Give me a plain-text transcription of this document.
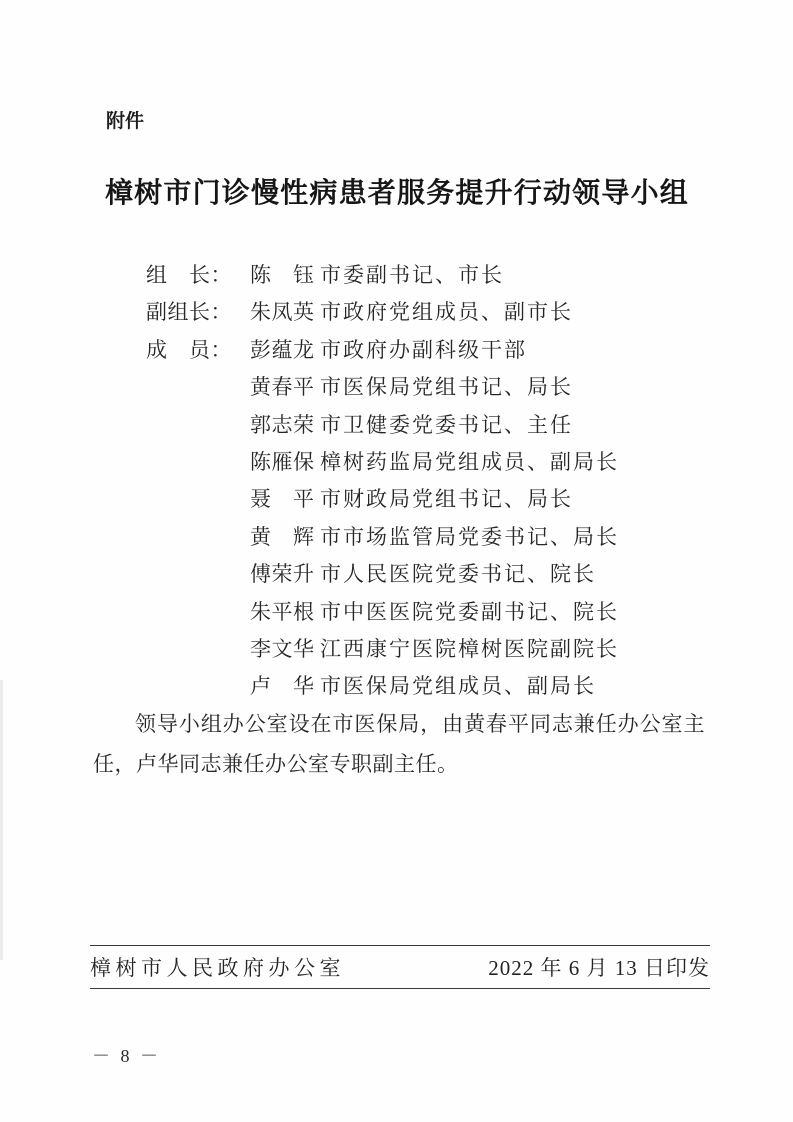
附件
樟树市门诊慢性病患者服务提升行动领导小组
组　长： 陈　钰 市委副书记、市长
副组长： 朱凤英 市政府党组成员、副市长
成　员： 彭蕴龙 市政府办副科级干部
黄春平 市医保局党组书记、局长
郭志荣 市卫健委党委书记、主任
陈雁保 樟树药监局党组成员、副局长
聂　平 市财政局党组书记、局长
黄　辉 市市场监管局党委书记、局长
傅荣升 市人民医院党委书记、院长
朱平根 市中医医院党委副书记、院长
李文华 江西康宁医院樟树医院副院长
卢　华 市医保局党组成员、副局长

领导小组办公室设在市医保局，由黄春平同志兼任办公室主任，卢华同志兼任办公室专职副主任。

樟树市人民政府办公室	2022 年 6 月 13 日印发
－ 8 －
